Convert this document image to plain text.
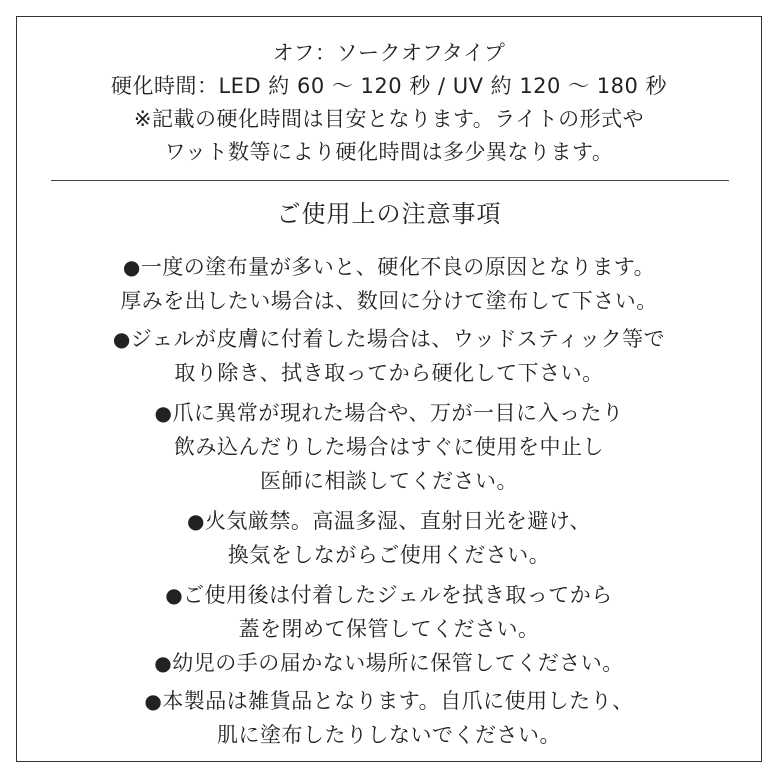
オフ：ソークオフタイプ
硬化時間：LED 約 60 〜 120 秒 / UV 約 120 〜 180 秒
※記載の硬化時間は目安となります。ライトの形式や
ワット数等により硬化時間は多少異なります。
ご使用上の注意事項
●一度の塗布量が多いと、硬化不良の原因となります。
厚みを出したい場合は、数回に分けて塗布して下さい。
●ジェルが皮膚に付着した場合は、ウッドスティック等で
取り除き、拭き取ってから硬化して下さい。
●爪に異常が現れた場合や、万が一目に入ったり
飲み込んだりした場合はすぐに使用を中止し
医師に相談してください。
●火気厳禁。高温多湿、直射日光を避け、
換気をしながらご使用ください。
●ご使用後は付着したジェルを拭き取ってから
蓋を閉めて保管してください。
●幼児の手の届かない場所に保管してください。
●本製品は雑貨品となります。自爪に使用したり、
肌に塗布したりしないでください。
